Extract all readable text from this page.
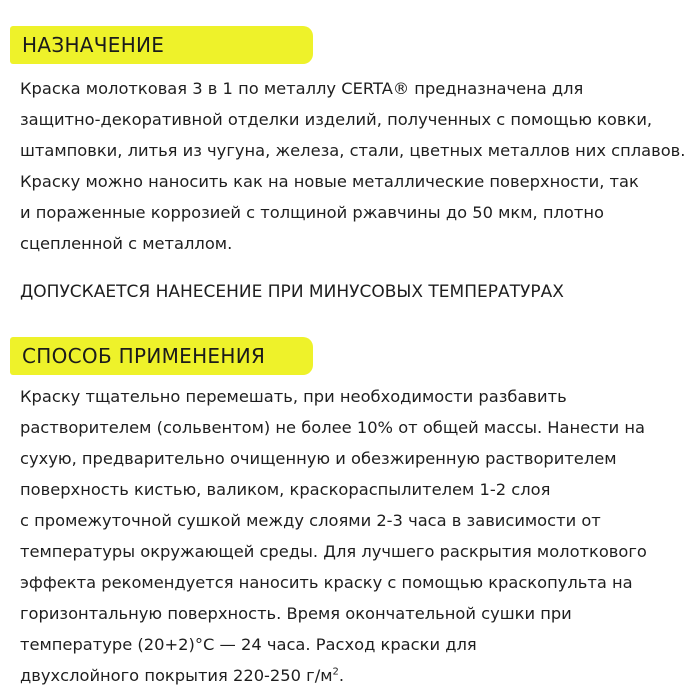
НАЗНАЧЕНИЕ
Краска молотковая 3 в 1 по металлу CERTA® предназначена для
защитно-декоративной отделки изделий, полученных с помощью ковки,
штамповки, литья из чугуна, железа, стали, цветных металлов них сплавов.
Краску можно наносить как на новые металлические поверхности, так
и пораженные коррозией с толщиной ржавчины до 50 мкм, плотно
сцепленной с металлом.
ДОПУСКАЕТСЯ НАНЕСЕНИЕ ПРИ МИНУСОВЫХ ТЕМПЕРАТУРАХ
СПОСОБ ПРИМЕНЕНИЯ
Краску тщательно перемешать, при необходимости разбавить
растворителем (сольвентом) не более 10% от общей массы. Нанести на
сухую, предварительно очищенную и обезжиренную растворителем
поверхность кистью, валиком, краскораспылителем 1-2 слоя
с промежуточной сушкой между слоями 2-3 часа в зависимости от
температуры окружающей среды. Для лучшего раскрытия молоткового
эффекта рекомендуется наносить краску с помощью краскопульта на
горизонтальную поверхность. Время окончательной сушки при
температуре (20+2)°C — 24 часа. Расход краски для
двухслойного покрытия 220-250 $г/м^2$.
